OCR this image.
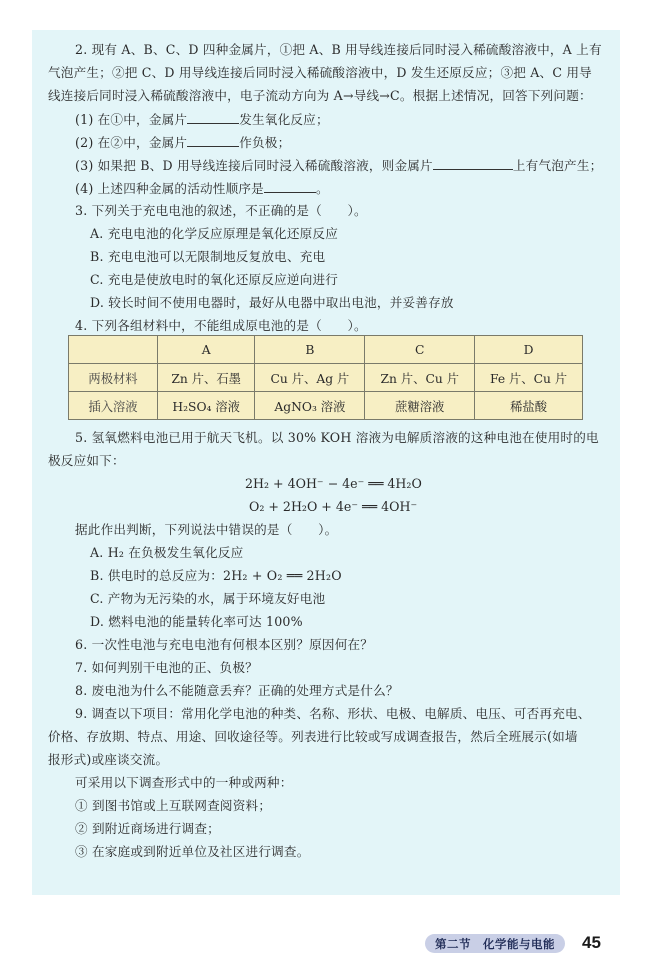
2. 现有 A、B、C、D 四种金属片，①把 A、B 用导线连接后同时浸入稀硫酸溶液中，A 上有
气泡产生；②把 C、D 用导线连接后同时浸入稀硫酸溶液中，D 发生还原反应；③把 A、C 用导
线连接后同时浸入稀硫酸溶液中，电子流动方向为 A→导线→C。根据上述情况，回答下列问题：
(1) 在①中，金属片	发生氧化反应；
(2) 在②中，金属片	作负极；
(3) 如果把 B、D 用导线连接后同时浸入稀硫酸溶液，则金属片	上有气泡产生；
(4) 上述四种金属的活动性顺序是	。
3. 下列关于充电电池的叙述，不正确的是（　　）。
A. 充电电池的化学反应原理是氧化还原反应
B. 充电电池可以无限制地反复放电、充电
C. 充电是使放电时的氧化还原反应逆向进行
D. 较长时间不使用电器时，最好从电器中取出电池，并妥善存放
4. 下列各组材料中，不能组成原电池的是（　　）。
	A	B	C	D
两极材料	Zn 片、石墨	Cu 片、Ag 片	Zn 片、Cu 片	Fe 片、Cu 片
插入溶液	H₂SO₄ 溶液	AgNO₃ 溶液	蔗糖溶液	稀盐酸
5. 氢氧燃料电池已用于航天飞机。以 30% KOH 溶液为电解质溶液的这种电池在使用时的电
极反应如下：
2H₂ + 4OH⁻ − 4e⁻ ══ 4H₂O
O₂ + 2H₂O + 4e⁻ ══ 4OH⁻
据此作出判断，下列说法中错误的是（　　）。
A. H₂ 在负极发生氧化反应
B. 供电时的总反应为：2H₂ + O₂ ══ 2H₂O
C. 产物为无污染的水，属于环境友好电池
D. 燃料电池的能量转化率可达 100%
6. 一次性电池与充电电池有何根本区别？原因何在？
7. 如何判别干电池的正、负极？
8. 废电池为什么不能随意丢弃？正确的处理方式是什么？
9. 调查以下项目：常用化学电池的种类、名称、形状、电极、电解质、电压、可否再充电、
价格、存放期、特点、用途、回收途径等。列表进行比较或写成调查报告，然后全班展示(如墙
报形式)或座谈交流。
可采用以下调查形式中的一种或两种：
① 到图书馆或上互联网查阅资料；
② 到附近商场进行调查；
③ 在家庭或到附近单位及社区进行调查。
第二节 化学能与电能 45
